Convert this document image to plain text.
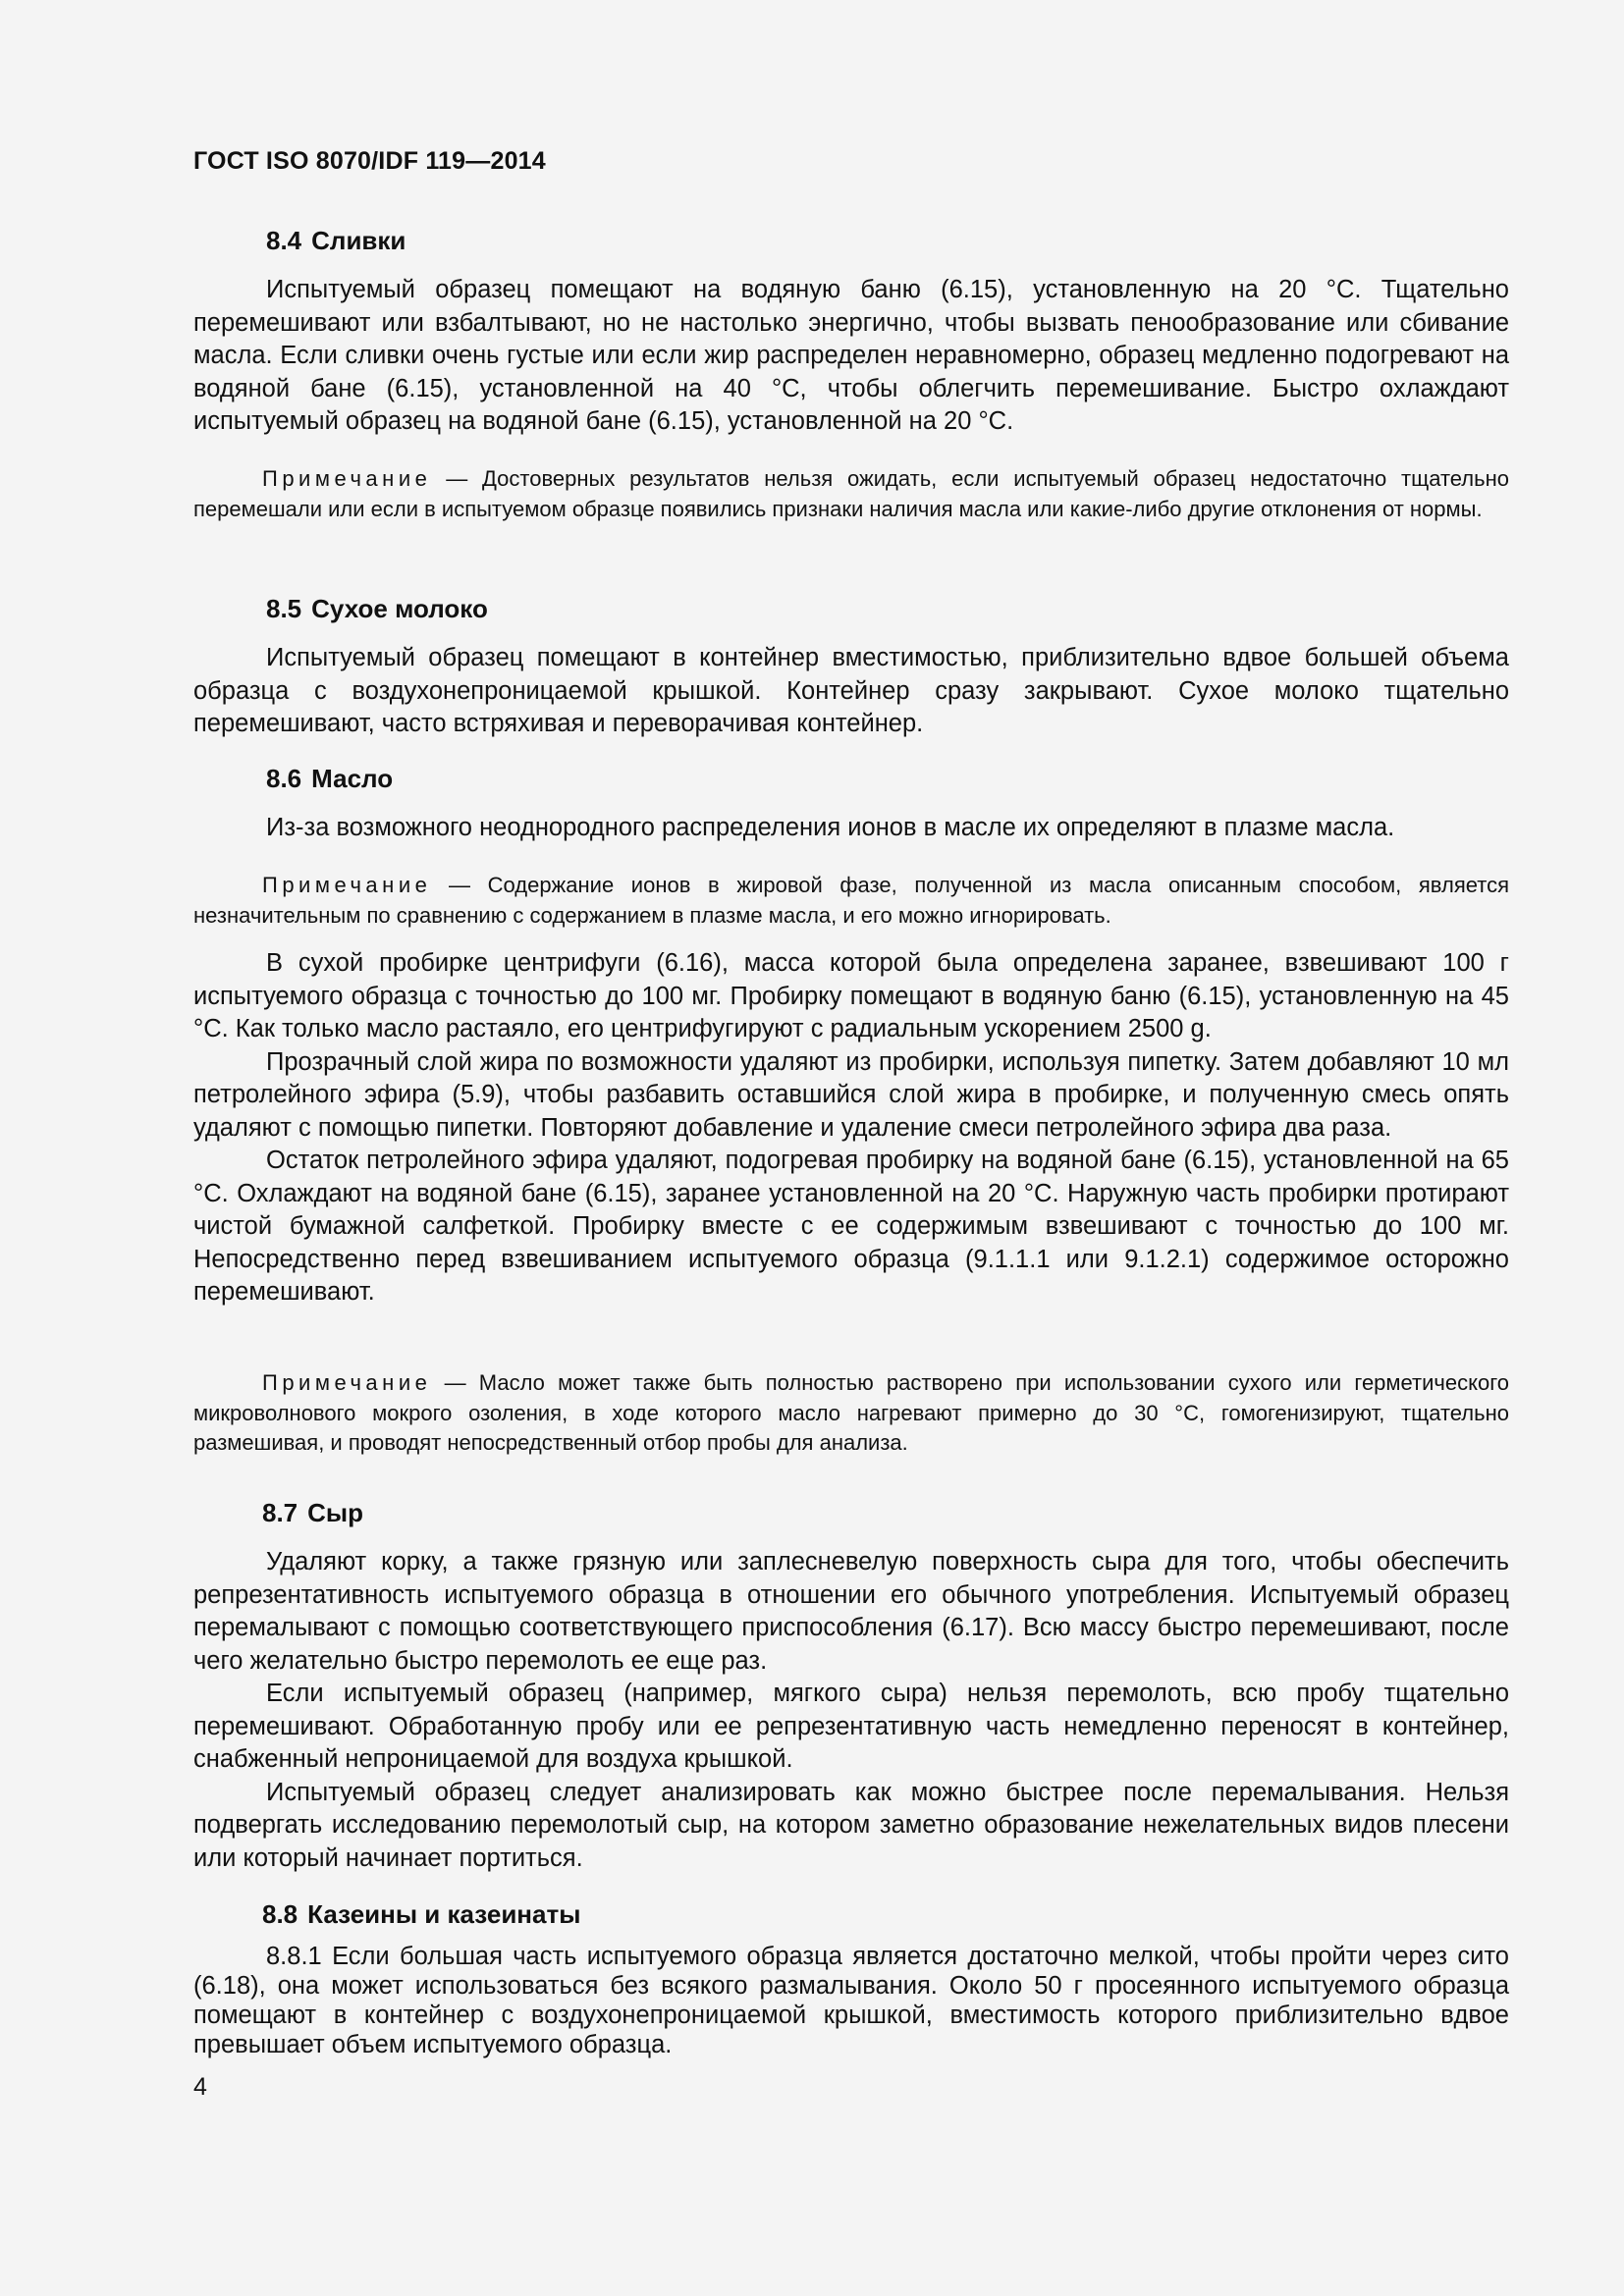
ГОСТ ISO 8070/IDF 119—2014
8.4 Сливки

Испытуемый образец помещают на водяную баню (6.15), установленную на 20 °С. Тщательно перемешивают или взбалтывают, но не настолько энергично, чтобы вызвать пенообразование или сбивание масла. Если сливки очень густые или если жир распределен неравномерно, образец медленно подогревают на водяной бане (6.15), установленной на 40 °С, чтобы облегчить перемешивание. Быстро охлаждают испытуемый образец на водяной бане (6.15), установленной на 20 °С.

Примечание — Достоверных результатов нельзя ожидать, если испытуемый образец недостаточно тщательно перемешали или если в испытуемом образце появились признаки наличия масла или какие-либо другие отклонения от нормы.

8.5 Сухое молоко

Испытуемый образец помещают в контейнер вместимостью, приблизительно вдвое большей объема образца с воздухонепроницаемой крышкой. Контейнер сразу закрывают. Сухое молоко тщательно перемешивают, часто встряхивая и переворачивая контейнер.

8.6 Масло

Из-за возможного неоднородного распределения ионов в масле их определяют в плазме масла.

Примечание — Содержание ионов в жировой фазе, полученной из масла описанным способом, является незначительным по сравнению с содержанием в плазме масла, и его можно игнорировать.

В сухой пробирке центрифуги (6.16), масса которой была определена заранее, взвешивают 100 г испытуемого образца с точностью до 100 мг. Пробирку помещают в водяную баню (6.15), установленную на 45 °С. Как только масло растаяло, его центрифугируют с радиальным ускорением 2500 g.

Прозрачный слой жира по возможности удаляют из пробирки, используя пипетку. Затем добавляют 10 мл петролейного эфира (5.9), чтобы разбавить оставшийся слой жира в пробирке, и полученную смесь опять удаляют с помощью пипетки. Повторяют добавление и удаление смеси петролейного эфира два раза.

Остаток петролейного эфира удаляют, подогревая пробирку на водяной бане (6.15), установленной на 65 °С. Охлаждают на водяной бане (6.15), заранее установленной на 20 °С. Наружную часть пробирки протирают чистой бумажной салфеткой. Пробирку вместе с ее содержимым взвешивают с точностью до 100 мг. Непосредственно перед взвешиванием испытуемого образца (9.1.1.1 или 9.1.2.1) содержимое осторожно перемешивают.

Примечание — Масло может также быть полностью растворено при использовании сухого или герметического микроволнового мокрого озоления, в ходе которого масло нагревают примерно до 30 °С, гомогенизируют, тщательно размешивая, и проводят непосредственный отбор пробы для анализа.

8.7 Сыр

Удаляют корку, а также грязную или заплесневелую поверхность сыра для того, чтобы обеспечить репрезентативность испытуемого образца в отношении его обычного употребления. Испытуемый образец перемалывают с помощью соответствующего приспособления (6.17). Всю массу быстро перемешивают, после чего желательно быстро перемолоть ее еще раз.

Если испытуемый образец (например, мягкого сыра) нельзя перемолоть, всю пробу тщательно перемешивают. Обработанную пробу или ее репрезентативную часть немедленно переносят в контейнер, снабженный непроницаемой для воздуха крышкой.

Испытуемый образец следует анализировать как можно быстрее после перемалывания. Нельзя подвергать исследованию перемолотый сыр, на котором заметно образование нежелательных видов плесени или который начинает портиться.

8.8 Казеины и казеинаты

8.8.1 Если большая часть испытуемого образца является достаточно мелкой, чтобы пройти через сито (6.18), она может использоваться без всякого размалывания. Около 50 г просеянного испытуемого образца помещают в контейнер с воздухонепроницаемой крышкой, вместимость которого приблизительно вдвое превышает объем испытуемого образца.

4
